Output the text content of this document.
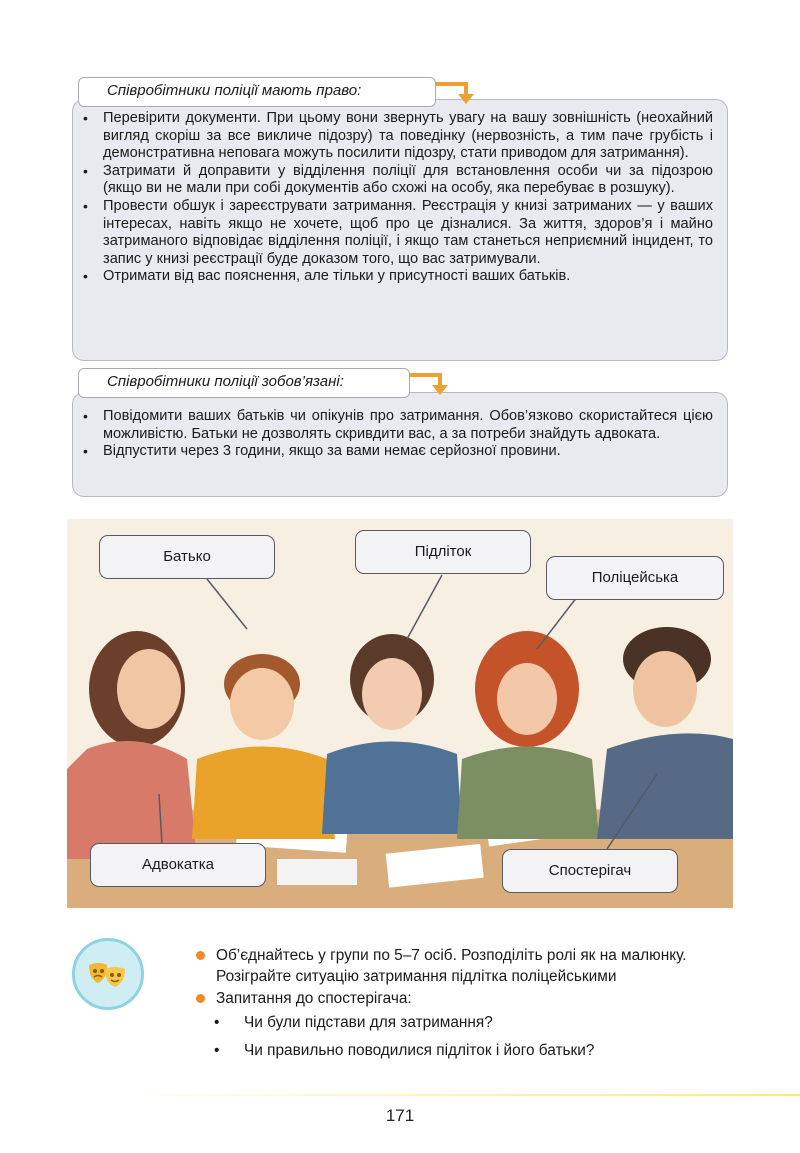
Співробітники поліції мають право:
• Перевірити документи. При цьому вони звернуть увагу на вашу зовнішність (неохайний вигляд скоріш за все викличе підозру) та поведінку (нервозність, а тим паче грубість і демонстративна неповага можуть посилити підозру, стати приводом для затримання).
• Затримати й доправити у відділення поліції для встановлення особи чи за підозрою (якщо ви не мали при собі документів або схожі на особу, яка перебуває в розшуку).
• Провести обшук і зареєструвати затримання. Реєстрація у книзі затриманих — у ваших інтересах, навіть якщо не хочете, щоб про це дізналися. За життя, здоров’я і майно затриманого відповідає відділення поліції, і якщо там станеться неприємний інцидент, то запис у книзі реєстрації буде доказом того, що вас затримували.
• Отримати від вас пояснення, але тільки у присутності ваших батьків.
Співробітники поліції зобов’язані:
• Повідомити ваших батьків чи опікунів про затримання. Обов’язково скористайтеся цією можливістю. Батьки не дозволять скривдити вас, а за потреби знайдуть адвоката.
• Відпустити через 3 години, якщо за вами немає серйозної провини.
Батько	Підліток
Поліцейська
Адвокатка	Спостерігач
Об’єднайтесь у групи по 5–7 осіб. Розподіліть ролі як на малюнку. Розіграйте ситуацію затримання підлітка поліцейськими
Запитання до спостерігача:
• Чи були підстави для затримання?
• Чи правильно поводилися підліток і його батьки?
171
